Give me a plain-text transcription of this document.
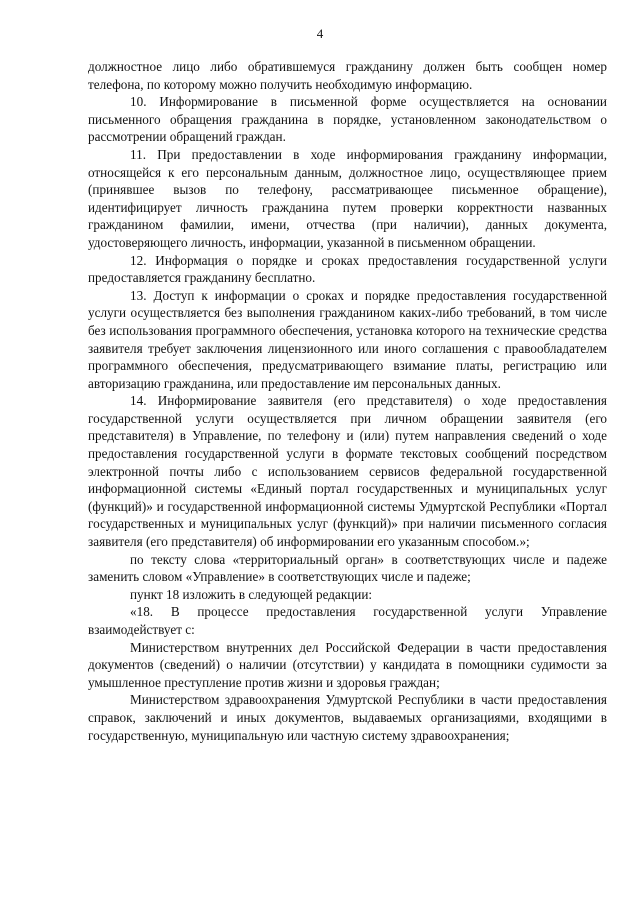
4

должностное лицо либо обратившемуся гражданину должен быть сообщен номер телефона, по которому можно получить необходимую информацию.

10. Информирование в письменной форме осуществляется на основании письменного обращения гражданина в порядке, установленном законодательством о рассмотрении обращений граждан.

11. При предоставлении в ходе информирования гражданину информации, относящейся к его персональным данным, должностное лицо, осуществляющее прием (принявшее вызов по телефону, рассматривающее письменное обращение), идентифицирует личность гражданина путем проверки корректности названных гражданином фамилии, имени, отчества (при наличии), данных документа, удостоверяющего личность, информации, указанной в письменном обращении.

12. Информация о порядке и сроках предоставления государственной услуги предоставляется гражданину бесплатно.

13. Доступ к информации о сроках и порядке предоставления государственной услуги осуществляется без выполнения гражданином каких-либо требований, в том числе без использования программного обеспечения, установка которого на технические средства заявителя требует заключения лицензионного или иного соглашения с правообладателем программного обеспечения, предусматривающего взимание платы, регистрацию или авторизацию гражданина, или предоставление им персональных данных.

14. Информирование заявителя (его представителя) о ходе предоставления государственной услуги осуществляется при личном обращении заявителя (его представителя) в Управление, по телефону и (или) путем направления сведений о ходе предоставления государственной услуги в формате текстовых сообщений посредством электронной почты либо с использованием сервисов федеральной государственной информационной системы «Единый портал государственных и муниципальных услуг (функций)» и государственной информационной системы Удмуртской Республики «Портал государственных и муниципальных услуг (функций)» при наличии письменного согласия заявителя (его представителя) об информировании его указанным способом.»;

по тексту слова «территориальный орган» в соответствующих числе и падеже заменить словом «Управление» в соответствующих числе и падеже;

пункт 18 изложить в следующей редакции:

«18. В процессе предоставления государственной услуги Управление взаимодействует с:

Министерством внутренних дел Российской Федерации в части предоставления документов (сведений) о наличии (отсутствии) у кандидата в помощники судимости за умышленное преступление против жизни и здоровья граждан;

Министерством здравоохранения Удмуртской Республики в части предоставления справок, заключений и иных документов, выдаваемых организациями, входящими в государственную, муниципальную или частную систему здравоохранения;
